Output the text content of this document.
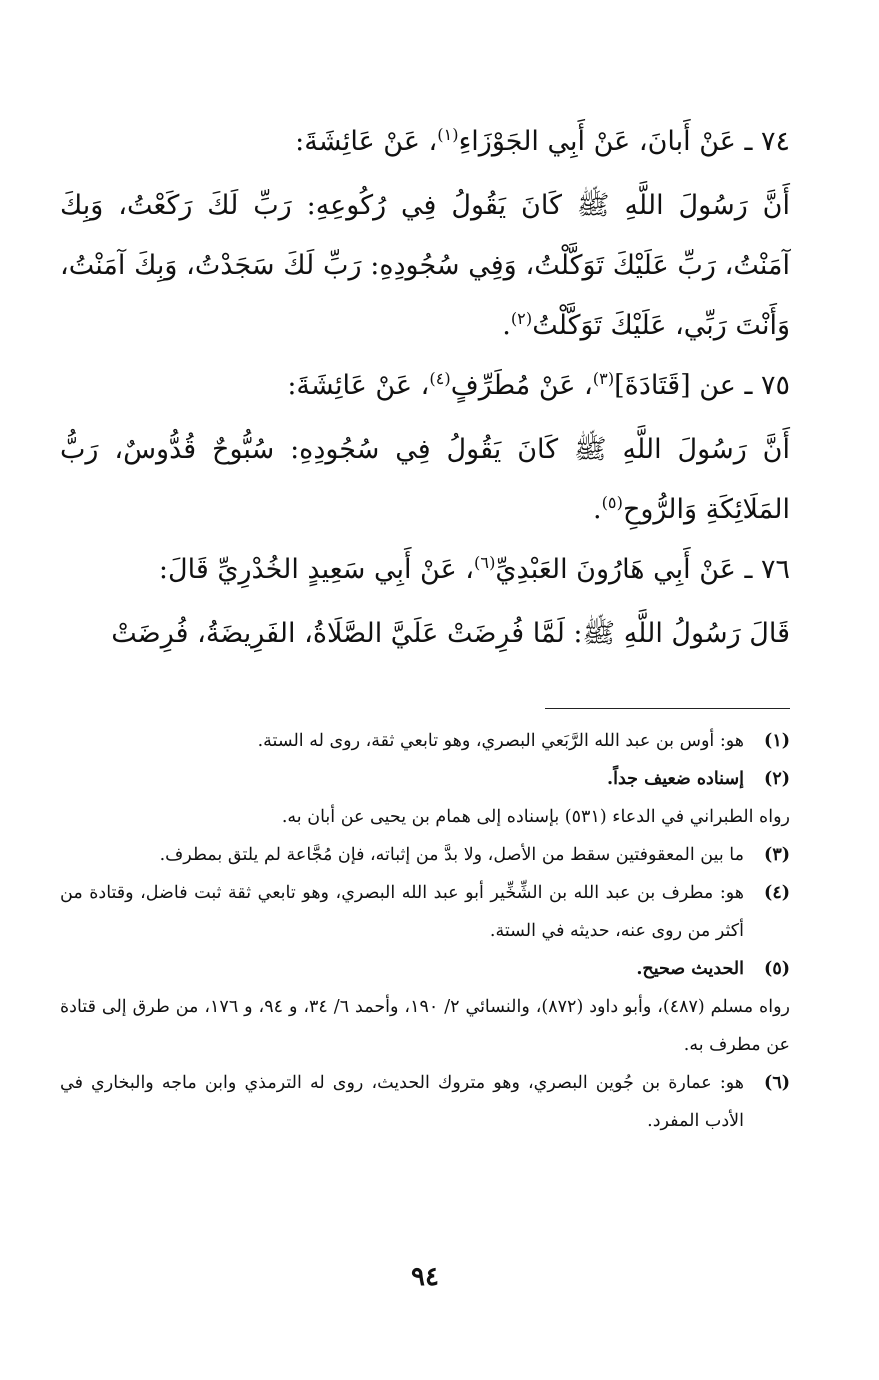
٧٤ ـ عَنْ أَبانَ، عَنْ أَبِي الجَوْزَاءِ$^{(١)}$، عَنْ عَائِشَةَ:

أَنَّ رَسُولَ اللَّهِ ﷺ كَانَ يَقُولُ فِي رُكُوعِهِ: رَبِّ لَكَ رَكَعْتُ، وَبِكَ آمَنْتُ، رَبِّ عَلَيْكَ تَوَكَّلْتُ، وَفِي سُجُودِهِ: رَبِّ لَكَ سَجَدْتُ، وَبِكَ آمَنْتُ، وَأَنْتَ رَبِّي، عَلَيْكَ تَوَكَّلْتُ$^{(٢)}$.

٧٥ ـ عن [قَتَادَةَ]$^{(٣)}$، عَنْ مُطَرِّفٍ$^{(٤)}$، عَنْ عَائِشَةَ:

أَنَّ رَسُولَ اللَّهِ ﷺ كَانَ يَقُولُ فِي سُجُودِهِ: سُبُّوحٌ قُدُّوسٌ، رَبُّ المَلَائِكَةِ وَالرُّوحِ$^{(٥)}$.

٧٦ ـ عَنْ أَبِي هَارُونَ العَبْدِيِّ$^{(٦)}$، عَنْ أَبِي سَعِيدٍ الخُدْرِيِّ قَالَ:

قَالَ رَسُولُ اللَّهِ ﷺ: لَمَّا فُرِضَتْ عَلَيَّ الصَّلَاةُ، الفَرِيضَةُ، فُرِضَتْ

(١)
هو: أوس بن عبد الله الرَّبَعي البصري، وهو تابعي ثقة، روى له الستة.

(٢)
إسناده ضعيف جداً.

رواه الطبراني في الدعاء (٥٣١) بإسناده إلى همام بن يحيى عن أبان به.

(٣)
ما بين المعقوفتين سقط من الأصل، ولا بدَّ من إثباته، فإن مُجَّاعة لم يلتق بمطرف.

(٤)
هو: مطرف بن عبد الله بن الشِّخِّير أبو عبد الله البصري، وهو تابعي ثقة ثبت فاضل، وقتادة من أكثر من روى عنه، حديثه في الستة.

(٥)
الحديث صحيح.

رواه مسلم (٤٨٧)، وأبو داود (٨٧٢)، والنسائي ٢/ ١٩٠، وأحمد ٦/ ٣٤، و ٩٤، و ١٧٦، من طرق إلى قتادة عن مطرف به.

(٦)
هو: عمارة بن جُوين البصري، وهو متروك الحديث، روى له الترمذي وابن ماجه والبخاري في الأدب المفرد.

٩٤
